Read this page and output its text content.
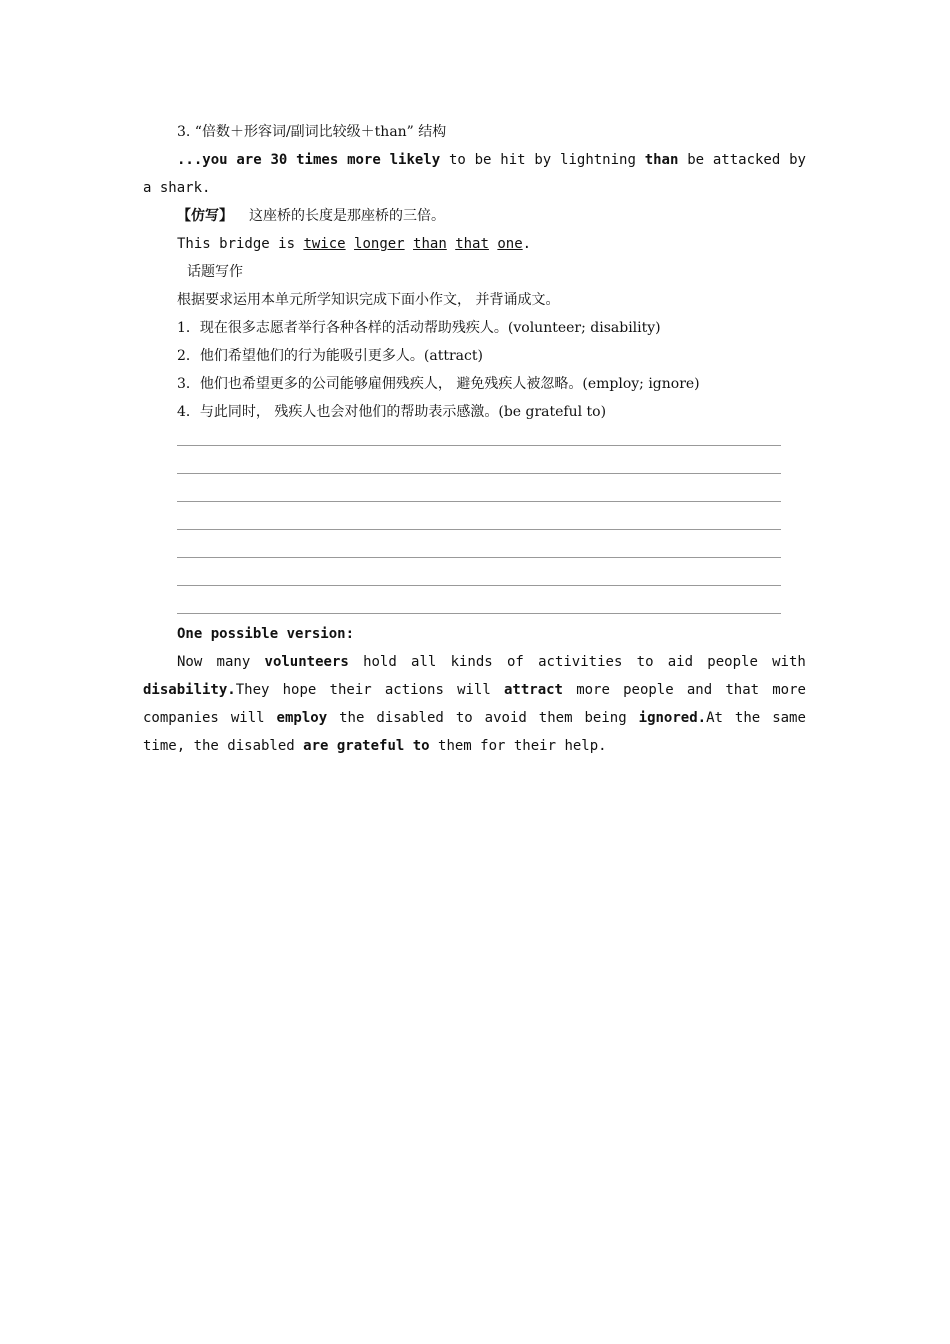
3. “倍数＋形容词/副词比较级＋than” 结构
...you are 30 times more likely to be hit by lightning than be attacked by
a shark.
【仿写】 这座桥的长度是那座桥的三倍。
This bridge is twice longer than that one.
话题写作
根据要求运用本单元所学知识完成下面小作文， 并背诵成文。
1．现在很多志愿者举行各种各样的活动帮助残疾人。(volunteer; disability)
2．他们希望他们的行为能吸引更多人。(attract)
3．他们也希望更多的公司能够雇佣残疾人， 避免残疾人被忽略。(employ; ignore)
4．与此同时， 残疾人也会对他们的帮助表示感激。(be grateful to)
One possible version:
Now many volunteers hold all kinds of activities to aid people with
disability.They hope their actions will attract more people and that more
companies will employ the disabled to avoid them being ignored.At the same
time, the disabled are grateful to them for their help.
